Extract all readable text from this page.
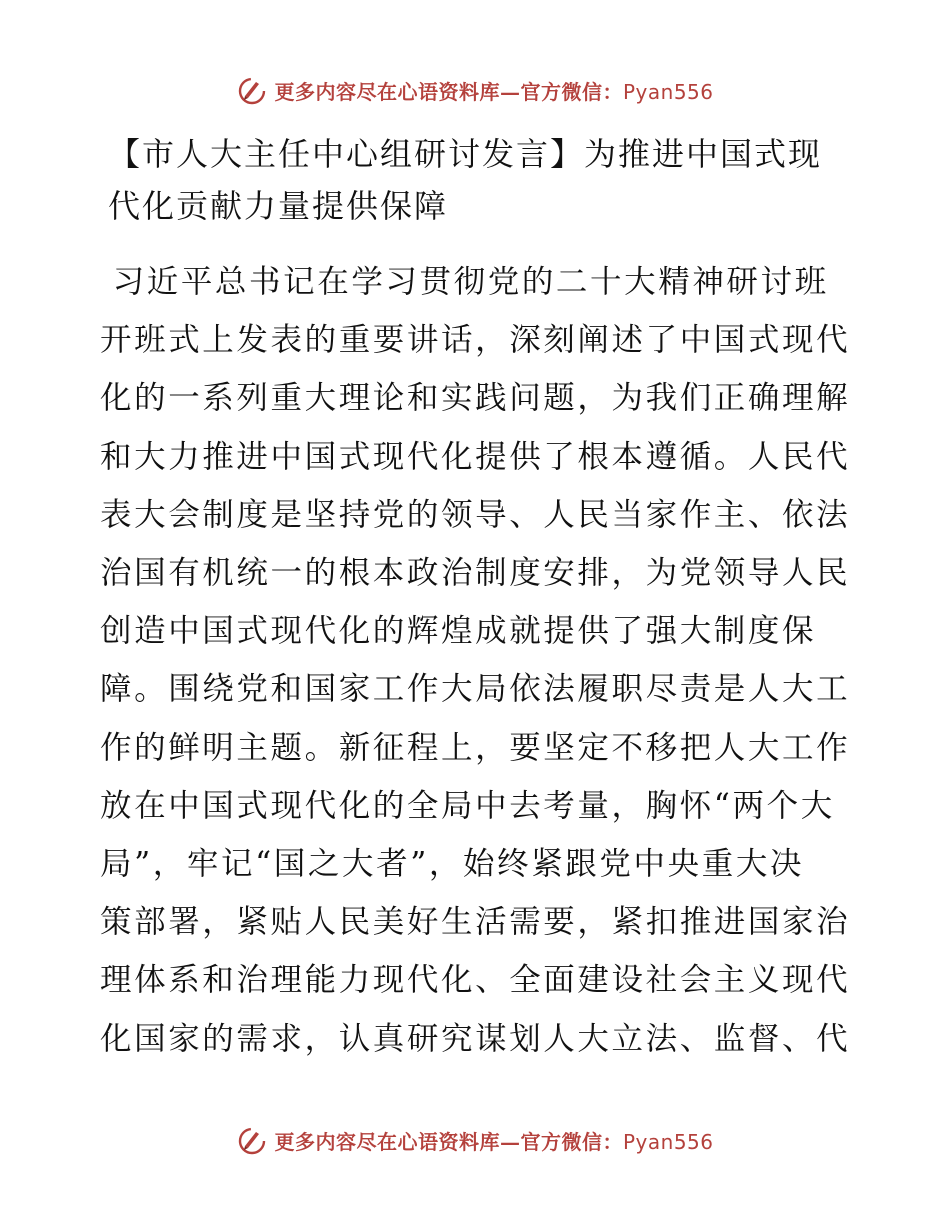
更多内容尽在心语资料库—官方微信：Pyan556
【市人大主任中心组研讨发言】为推进中国式现
代化贡献力量提供保障
习近平总书记在学习贯彻党的二十大精神研讨班
开班式上发表的重要讲话，深刻阐述了中国式现代
化的一系列重大理论和实践问题，为我们正确理解
和大力推进中国式现代化提供了根本遵循。人民代
表大会制度是坚持党的领导、人民当家作主、依法
治国有机统一的根本政治制度安排，为党领导人民
创造中国式现代化的辉煌成就提供了强大制度保
障。围绕党和国家工作大局依法履职尽责是人大工
作的鲜明主题。新征程上，要坚定不移把人大工作
放在中国式现代化的全局中去考量，胸怀“两个大
局”，牢记“国之大者”，始终紧跟党中央重大决
策部署，紧贴人民美好生活需要，紧扣推进国家治
理体系和治理能力现代化、全面建设社会主义现代
化国家的需求，认真研究谋划人大立法、监督、代
更多内容尽在心语资料库—官方微信：Pyan556
